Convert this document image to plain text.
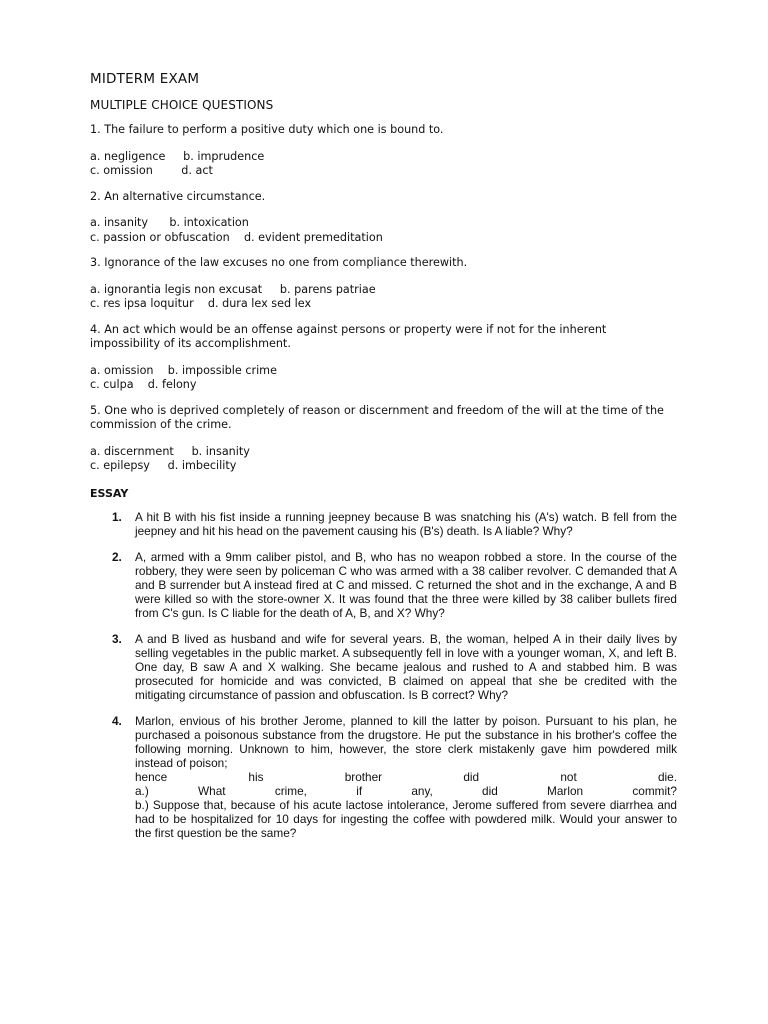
MIDTERM EXAM
MULTIPLE CHOICE QUESTIONS

1. The failure to perform a positive duty which one is bound to.

a. negligence     b. imprudence
c. omission        d. act

2. An alternative circumstance.

a. insanity      b. intoxication
c. passion or obfuscation    d. evident premeditation

3. Ignorance of the law excuses no one from compliance therewith.

a. ignorantia legis non excusat     b. parens patriae
c. res ipsa loquitur    d. dura lex sed lex

4. An act which would be an offense against persons or property were if not for the inherent impossibility of its accomplishment.

a. omission    b. impossible crime
c. culpa    d. felony

5. One who is deprived completely of reason or discernment and freedom of the will at the time of the commission of the crime.

a. discernment     b. insanity
c. epilepsy     d. imbecility
ESSAY
1.	A hit B with his fist inside a running jeepney because B was snatching his (A's) watch. B fell from the jeepney and hit his head on the pavement causing his (B's) death. Is A liable? Why?
2.	A, armed with a 9mm caliber pistol, and B, who has no weapon robbed a store. In the course of the robbery, they were seen by policeman C who was armed with a 38 caliber revolver. C demanded that A and B surrender but A instead fired at C and missed. C returned the shot and in the exchange, A and B were killed so with the store-owner X. It was found that the three were killed by 38 caliber bullets fired from C's gun. Is C liable for the death of A, B, and X? Why?
3.	A and B lived as husband and wife for several years. B, the woman, helped A in their daily lives by selling vegetables in the public market. A subsequently fell in love with a younger woman, X, and left B. One day, B saw A and X walking. She became jealous and rushed to A and stabbed him. B was prosecuted for homicide and was convicted, B claimed on appeal that she be credited with the mitigating circumstance of passion and obfuscation. Is B correct? Why?
4.	Marlon, envious of his brother Jerome, planned to kill the latter by poison. Pursuant to his plan, he purchased a poisonous substance from the drugstore. He put the substance in his brother's coffee the following morning. Unknown to him, however, the store clerk mistakenly gave him powdered milk instead of poison;
hence	his	brother	did	not	die.
a.)	What	crime,	if	any,	did	Marlon	commit?
b.) Suppose that, because of his acute lactose intolerance, Jerome suffered from severe diarrhea and had to be hospitalized for 10 days for ingesting the coffee with powdered milk. Would your answer to the first question be the same?
